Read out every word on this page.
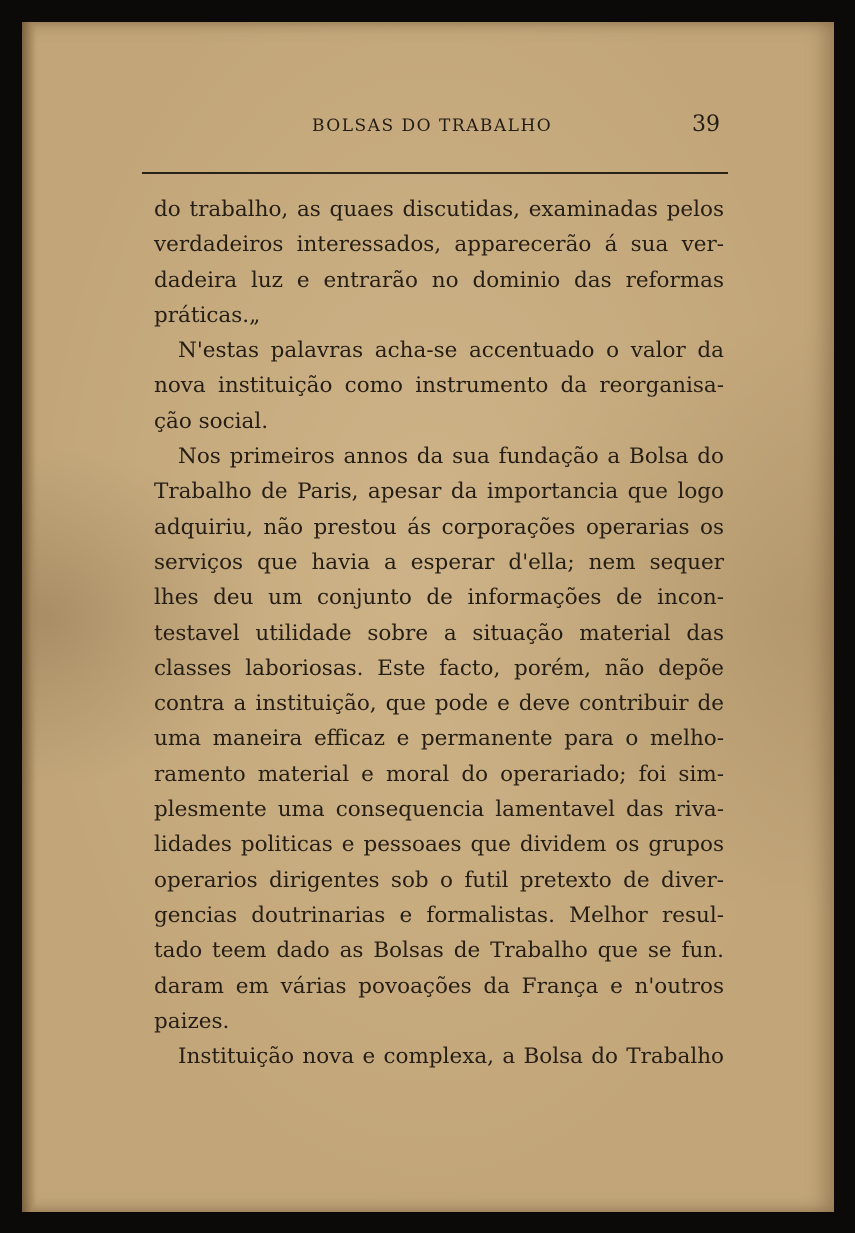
BOLSAS DO TRABALHO	39
do trabalho, as quaes discutidas, examinadas pelos
verdadeiros interessados, apparecerão á sua ver-
dadeira luz e entrarão no dominio das reformas
práticas.„
N'estas palavras acha-se accentuado o valor da
nova instituição como instrumento da reorganisa-
ção social.
Nos primeiros annos da sua fundação a Bolsa do
Trabalho de Paris, apesar da importancia que logo
adquiriu, não prestou ás corporações operarias os
serviços que havia a esperar d'ella; nem sequer
lhes deu um conjunto de informações de incon-
testavel utilidade sobre a situação material das
classes laboriosas. Este facto, porém, não depõe
contra a instituição, que pode e deve contribuir de
uma maneira efficaz e permanente para o melho-
ramento material e moral do operariado; foi sim-
plesmente uma consequencia lamentavel das riva-
lidades politicas e pessoaes que dividem os grupos
operarios dirigentes sob o futil pretexto de diver-
gencias doutrinarias e formalistas. Melhor resul-
tado teem dado as Bolsas de Trabalho que se fun.
daram em várias povoações da França e n'outros
paizes.
Instituição nova e complexa, a Bolsa do Trabalho
